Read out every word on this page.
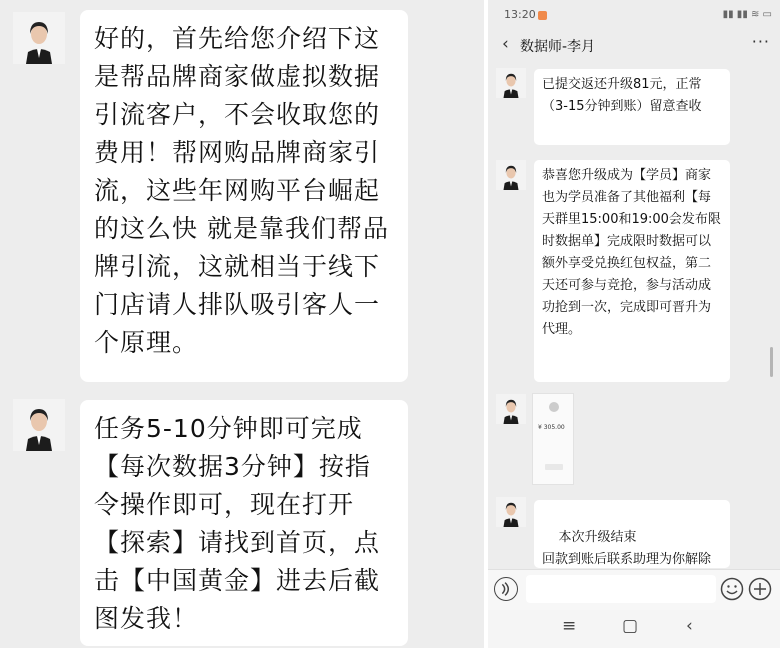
好的，首先给您介绍下这是帮品牌商家做虚拟数据引流客户，不会收取您的费用！帮网购品牌商家引流，这些年网购平台崛起的这么快 就是靠我们帮品牌引流，这就相当于线下门店请人排队吸引客人一个原理。
任务5-10分钟即可完成【每次数据3分钟】按指令操作即可，现在打开【探索】请找到首页，点击【中国黄金】进去后截图发我！
13:20	▮▮ ▮▮ ≋ ▭
‹ 数据师-李月	···
已提交返还升级81元，正常（3-15分钟到账）留意查收
恭喜您升级成为【学员】商家也为学员准备了其他福利【每天群里15:00和19:00会发布限时数据单】完成限时数据可以额外享受兑换红包权益，第二天还可参与竞抢，参与活动成功抢到一次，完成即可晋升为代理。
¥ 305.00

本次升级结束
回款到账后联系助理为你解除

≡	▢	‹
